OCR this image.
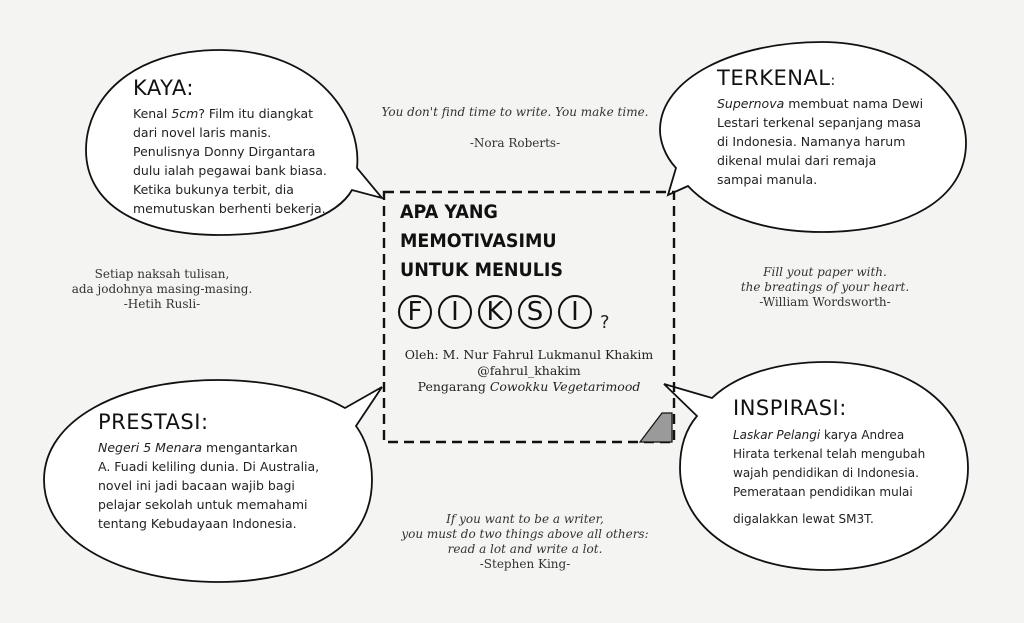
KAYA:
Kenal 5cm? Film itu diangkat
dari novel laris manis.
Penulisnya Donny Dirgantara
dulu ialah pegawai bank biasa.
Ketika bukunya terbit, dia
memutuskan berhenti bekerja.
TERKENAL:
Supernova membuat nama Dewi
Lestari terkenal sepanjang masa
di Indonesia. Namanya harum
dikenal mulai dari remaja
sampai manula.
PRESTASI:
Negeri 5 Menara mengantarkan
A. Fuadi keliling dunia. Di Australia,
novel ini jadi bacaan wajib bagi
pelajar sekolah untuk memahami
tentang Kebudayaan Indonesia.
INSPIRASI:
Laskar Pelangi karya Andrea
Hirata terkenal telah mengubah
wajah pendidikan di Indonesia.
Pemerataan pendidikan mulai
digalakkan lewat SM3T.
APA YANG
MEMOTIVASIMU
UNTUK MENULIS
F	I	K S	I	?
Oleh: M. Nur Fahrul Lukmanul Khakim
@fahrul_khakim
Pengarang Cowokku Vegetarimood
You don't find time to write. You make time.
-Nora Roberts-
Setiap naksah tulisan,
ada jodohnya masing-masing.
-Hetih Rusli-
Fill yout paper with.
the breatings of your heart.
-William Wordsworth-
If you want to be a writer,
you must do two things above all others:
read a lot and write a lot.
-Stephen King-
